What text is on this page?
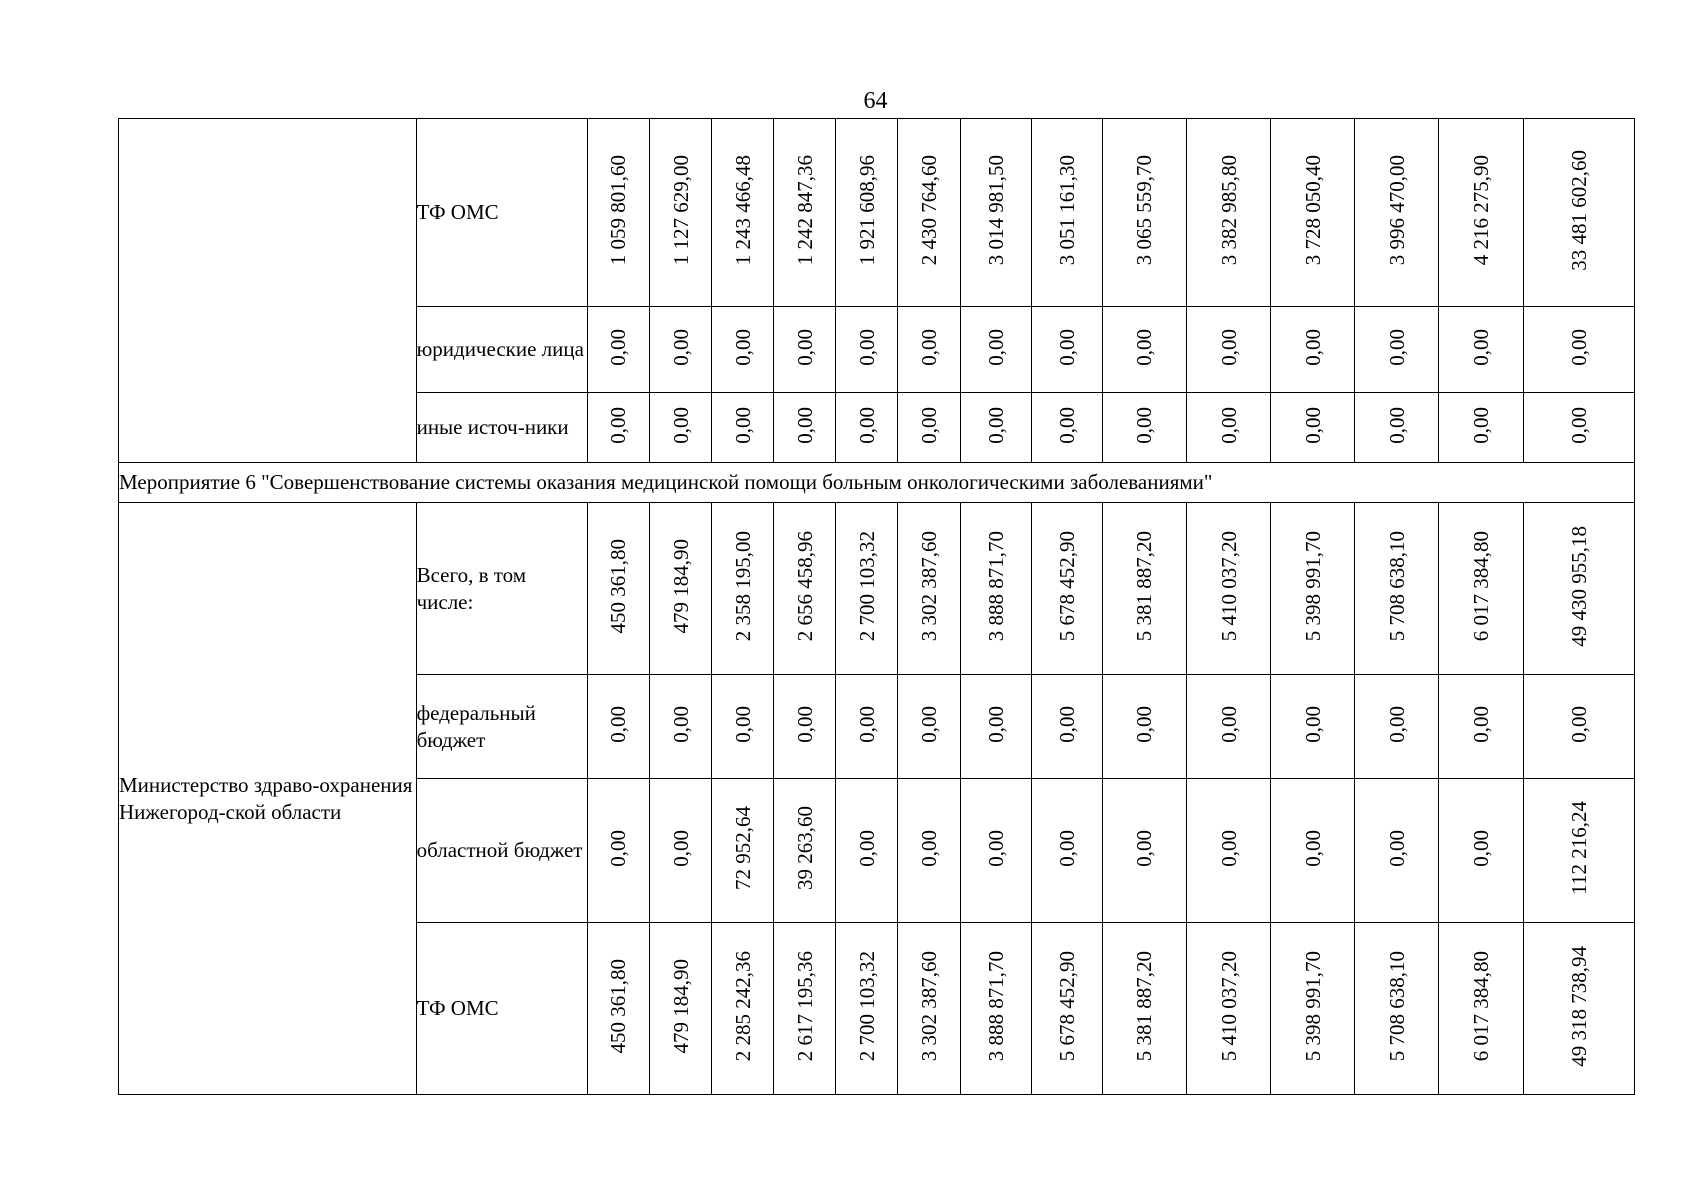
64
	ТФ ОМС	1 059 801,60	1 127 629,00	1 243 466,48	1 242 847,36	1 921 608,96	2 430 764,60	3 014 981,50	3 051 161,30	3 065 559,70	3 382 985,80	3 728 050,40	3 996 470,00	4 216 275,90	33 481 602,60
	юридические лица	0,00	0,00	0,00	0,00	0,00	0,00	0,00	0,00	0,00	0,00	0,00	0,00	0,00	0,00
	иные источ-ники	0,00	0,00	0,00	0,00	0,00	0,00	0,00	0,00	0,00	0,00	0,00	0,00	0,00	0,00
Мероприятие 6 "Совершенствование системы оказания медицинской помощи больным онкологическими заболеваниями"															
Министерство здраво-охранения Нижегород-ской области	Всего, в том числе:	450 361,80	479 184,90	2 358 195,00	2 656 458,96	2 700 103,32	3 302 387,60	3 888 871,70	5 678 452,90	5 381 887,20	5 410 037,20	5 398 991,70	5 708 638,10	6 017 384,80	49 430 955,18
	федеральный бюджет	0,00	0,00	0,00	0,00	0,00	0,00	0,00	0,00	0,00	0,00	0,00	0,00	0,00	0,00
	областной бюджет	0,00	0,00	72 952,64	39 263,60	0,00	0,00	0,00	0,00	0,00	0,00	0,00	0,00	0,00	112 216,24
	ТФ ОМС	450 361,80	479 184,90	2 285 242,36	2 617 195,36	2 700 103,32	3 302 387,60	3 888 871,70	5 678 452,90	5 381 887,20	5 410 037,20	5 398 991,70	5 708 638,10	6 017 384,80	49 318 738,94
